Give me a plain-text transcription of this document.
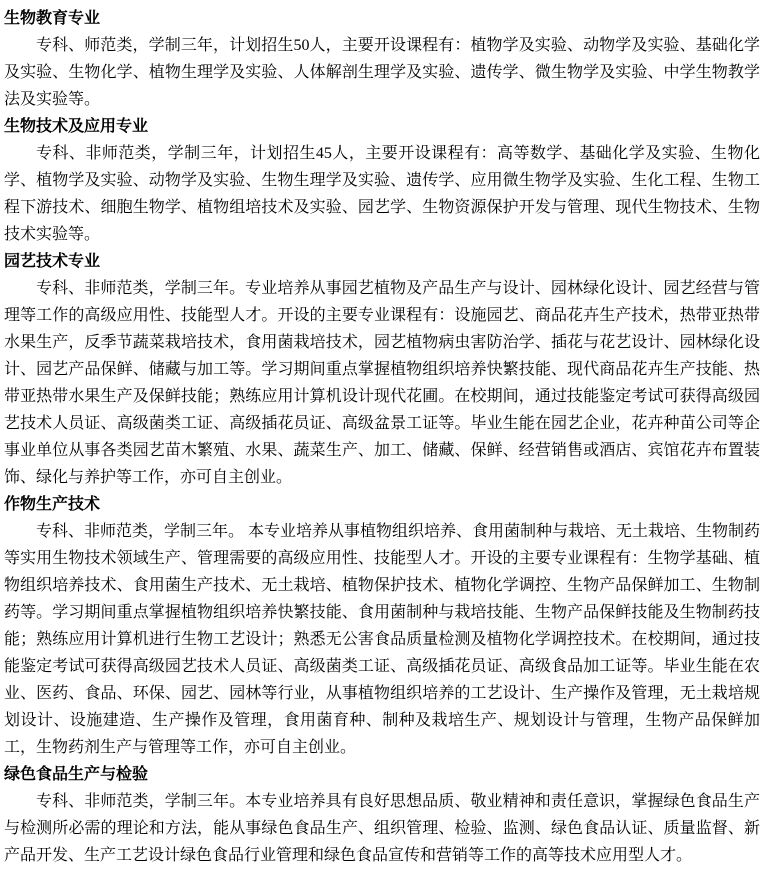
生物教育专业

专科、师范类，学制三年，计划招生50人，主要开设课程有：植物学及实验、动物学及实验、基础化学及实验、生物化学、植物生理学及实验、人体解剖生理学及实验、遗传学、微生物学及实验、中学生物教学法及实验等。

生物技术及应用专业

专科、非师范类，学制三年，计划招生45人，主要开设课程有：高等数学、基础化学及实验、生物化学、植物学及实验、动物学及实验、生物生理学及实验、遗传学、应用微生物学及实验、生化工程、生物工程下游技术、细胞生物学、植物组培技术及实验、园艺学、生物资源保护开发与管理、现代生物技术、生物技术实验等。

园艺技术专业

专科、非师范类，学制三年。专业培养从事园艺植物及产品生产与设计、园林绿化设计、园艺经营与管理等工作的高级应用性、技能型人才。开设的主要专业课程有：设施园艺、商品花卉生产技术，热带亚热带水果生产，反季节蔬菜栽培技术，食用菌栽培技术，园艺植物病虫害防治学、插花与花艺设计、园林绿化设计、园艺产品保鲜、储藏与加工等。学习期间重点掌握植物组织培养快繁技能、现代商品花卉生产技能、热带亚热带水果生产及保鲜技能；熟练应用计算机设计现代花圃。在校期间，通过技能鉴定考试可获得高级园艺技术人员证、高级菌类工证、高级插花员证、高级盆景工证等。毕业生能在园艺企业，花卉种苗公司等企事业单位从事各类园艺苗木繁殖、水果、蔬菜生产、加工、储藏、保鲜、经营销售或酒店、宾馆花卉布置装饰、绿化与养护等工作，亦可自主创业。

作物生产技术

专科、非师范类，学制三年。 本专业培养从事植物组织培养、食用菌制种与栽培、无土栽培、生物制药等实用生物技术领域生产、管理需要的高级应用性、技能型人才。开设的主要专业课程有：生物学基础、植物组织培养技术、食用菌生产技术、无土栽培、植物保护技术、植物化学调控、生物产品保鲜加工、生物制药等。学习期间重点掌握植物组织培养快繁技能、食用菌制种与栽培技能、生物产品保鲜技能及生物制药技能；熟练应用计算机进行生物工艺设计；熟悉无公害食品质量检测及植物化学调控技术。在校期间，通过技能鉴定考试可获得高级园艺技术人员证、高级菌类工证、高级插花员证、高级食品加工证等。毕业生能在农业、医药、食品、环保、园艺、园林等行业，从事植物组织培养的工艺设计、生产操作及管理，无土栽培规划设计、设施建造、生产操作及管理，食用菌育种、制种及栽培生产、规划设计与管理，生物产品保鲜加工，生物药剂生产与管理等工作，亦可自主创业。

绿色食品生产与检验

专科、非师范类，学制三年。本专业培养具有良好思想品质、敬业精神和责任意识，掌握绿色食品生产与检测所必需的理论和方法，能从事绿色食品生产、组织管理、检验、监测、绿色食品认证、质量监督、新产品开发、生产工艺设计绿色食品行业管理和绿色食品宣传和营销等工作的高等技术应用型人才。
